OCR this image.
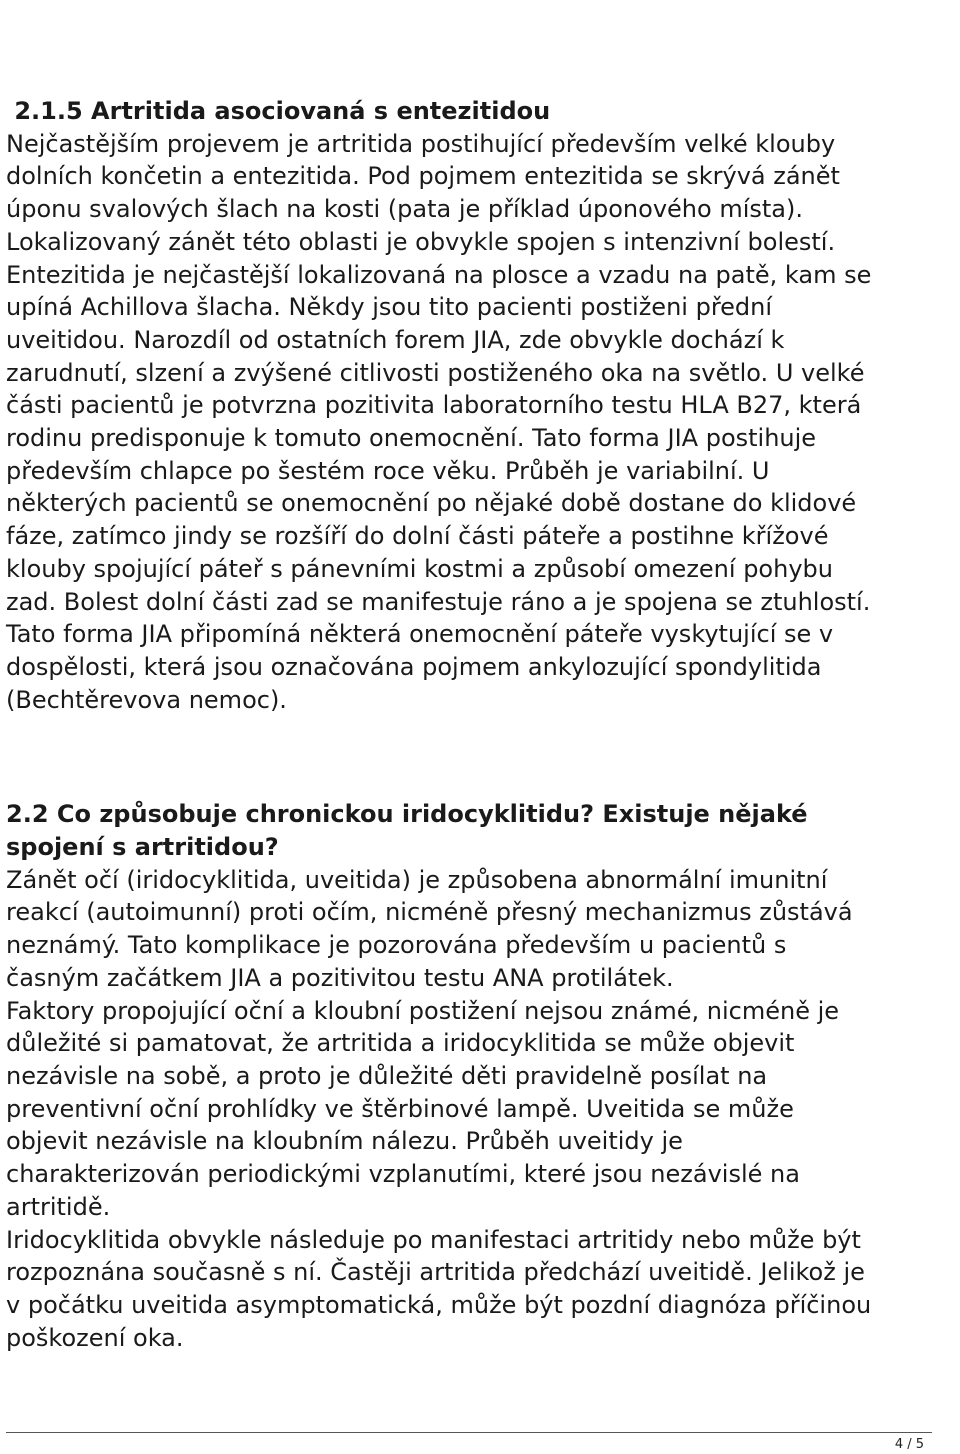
2.1.5 Artritida asociovaná s entezitidou

Nejčastějším projevem je artritida postihující především velké klouby
dolních končetin a entezitida. Pod pojmem entezitida se skrývá zánět
úponu svalových šlach na kosti (pata je příklad úponového místa).
Lokalizovaný zánět této oblasti je obvykle spojen s intenzivní bolestí.
Entezitida je nejčastější lokalizovaná na plosce a vzadu na patě, kam se
upíná Achillova šlacha. Někdy jsou tito pacienti postiženi přední
uveitidou. Narozdíl od ostatních forem JIA, zde obvykle dochází k
zarudnutí, slzení a zvýšené citlivosti postiženého oka na světlo. U velké
části pacientů je potvrzna pozitivita laboratorního testu HLA B27, která
rodinu predisponuje k tomuto onemocnění. Tato forma JIA postihuje
především chlapce po šestém roce věku. Průběh je variabilní. U
některých pacientů se onemocnění po nějaké době dostane do klidové
fáze, zatímco jindy se rozšíří do dolní části páteře a postihne křížové
klouby spojující páteř s pánevními kostmi a způsobí omezení pohybu
zad. Bolest dolní části zad se manifestuje ráno a je spojena se ztuhlostí.
Tato forma JIA připomíná některá onemocnění páteře vyskytující se v
dospělosti, která jsou označována pojmem ankylozující spondylitida
(Bechtěrevova nemoc).

2.2 Co způsobuje chronickou iridocyklitidu? Existuje nějaké
spojení s artritidou?

Zánět očí (iridocyklitida, uveitida) je způsobena abnormální imunitní
reakcí (autoimunní) proti očím, nicméně přesný mechanizmus zůstává
neznámý. Tato komplikace je pozorována především u pacientů s
časným začátkem JIA a pozitivitou testu ANA protilátek.

Faktory propojující oční a kloubní postižení nejsou známé, nicméně je
důležité si pamatovat, že artritida a iridocyklitida se může objevit
nezávisle na sobě, a proto je důležité děti pravidelně posílat na
preventivní oční prohlídky ve štěrbinové lampě. Uveitida se může
objevit nezávisle na kloubním nálezu. Průběh uveitidy je
charakterizován periodickými vzplanutími, které jsou nezávislé na
artritidě.

Iridocyklitida obvykle následuje po manifestaci artritidy nebo může být
rozpoznána současně s ní. Častěji artritida předchází uveitidě. Jelikož je
v počátku uveitida asymptomatická, může být pozdní diagnóza příčinou
poškození oka.

4 / 5
